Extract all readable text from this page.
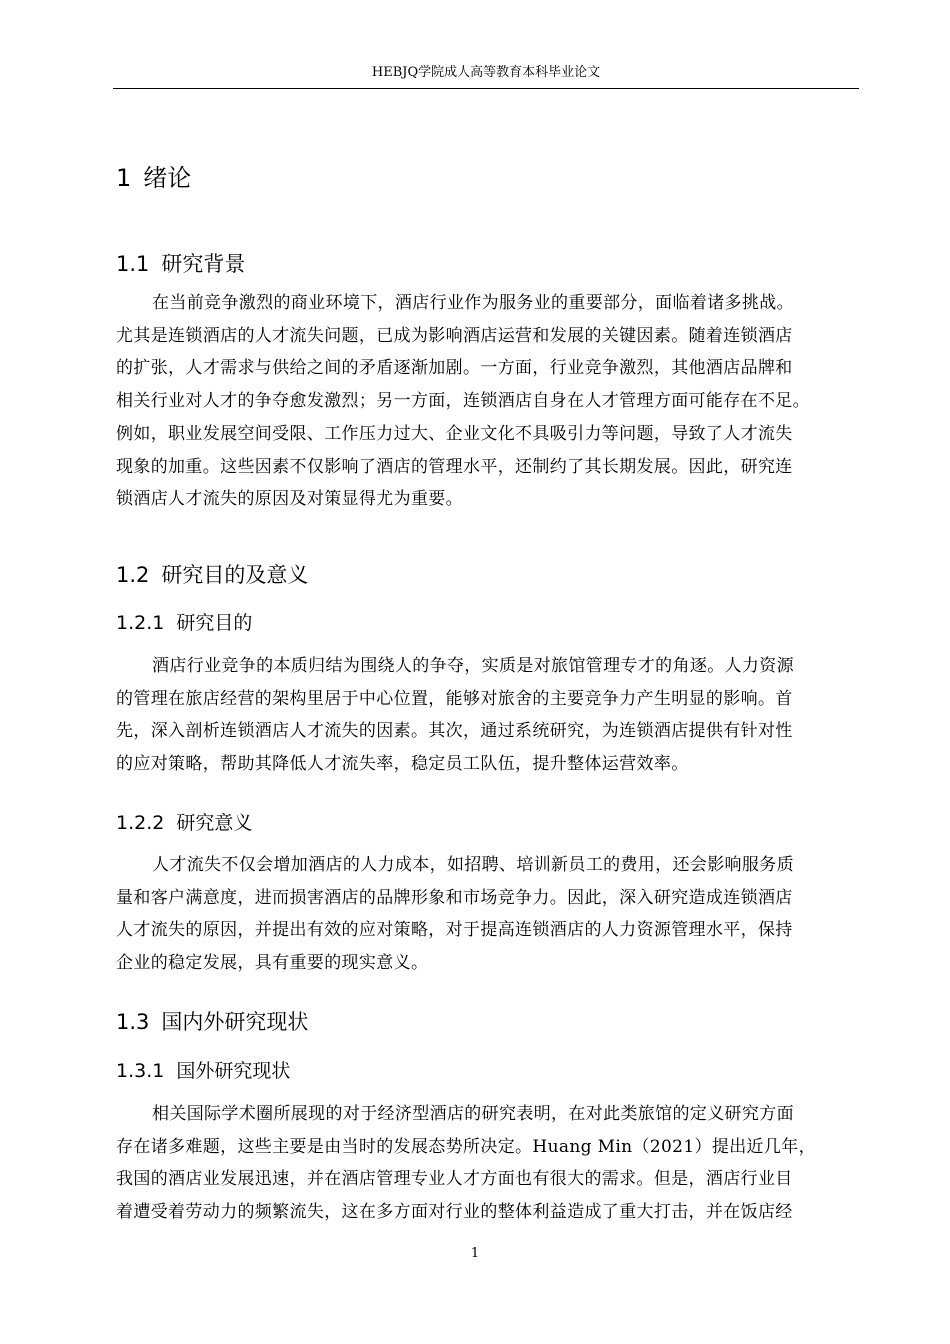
HEBJQ学院成人高等教育本科毕业论文
1 绪论
1.1 研究背景
在当前竞争激烈的商业环境下，酒店行业作为服务业的重要部分，面临着诸多挑战。
尤其是连锁酒店的人才流失问题，已成为影响酒店运营和发展的关键因素。随着连锁酒店
的扩张，人才需求与供给之间的矛盾逐渐加剧。一方面，行业竞争激烈，其他酒店品牌和
相关行业对人才的争夺愈发激烈；另一方面，连锁酒店自身在人才管理方面可能存在不足。
例如，职业发展空间受限、工作压力过大、企业文化不具吸引力等问题，导致了人才流失
现象的加重。这些因素不仅影响了酒店的管理水平，还制约了其长期发展。因此，研究连
锁酒店人才流失的原因及对策显得尤为重要。
1.2 研究目的及意义
1.2.1 研究目的
酒店行业竞争的本质归结为围绕人的争夺，实质是对旅馆管理专才的角逐。人力资源
的管理在旅店经营的架构里居于中心位置，能够对旅舍的主要竞争力产生明显的影响。首
先，深入剖析连锁酒店人才流失的因素。其次，通过系统研究，为连锁酒店提供有针对性
的应对策略，帮助其降低人才流失率，稳定员工队伍，提升整体运营效率。
1.2.2 研究意义
人才流失不仅会增加酒店的人力成本，如招聘、培训新员工的费用，还会影响服务质
量和客户满意度，进而损害酒店的品牌形象和市场竞争力。因此，深入研究造成连锁酒店
人才流失的原因，并提出有效的应对策略，对于提高连锁酒店的人力资源管理水平，保持
企业的稳定发展，具有重要的现实意义。
1.3 国内外研究现状
1.3.1 国外研究现状
相关国际学术圈所展现的对于经济型酒店的研究表明，在对此类旅馆的定义研究方面
存在诸多难题，这些主要是由当时的发展态势所决定。Huang Min（2021）提出近几年，
我国的酒店业发展迅速，并在酒店管理专业人才方面也有很大的需求。但是，酒店行业目
着遭受着劳动力的频繁流失，这在多方面对行业的整体利益造成了重大打击，并在饭店经
1
